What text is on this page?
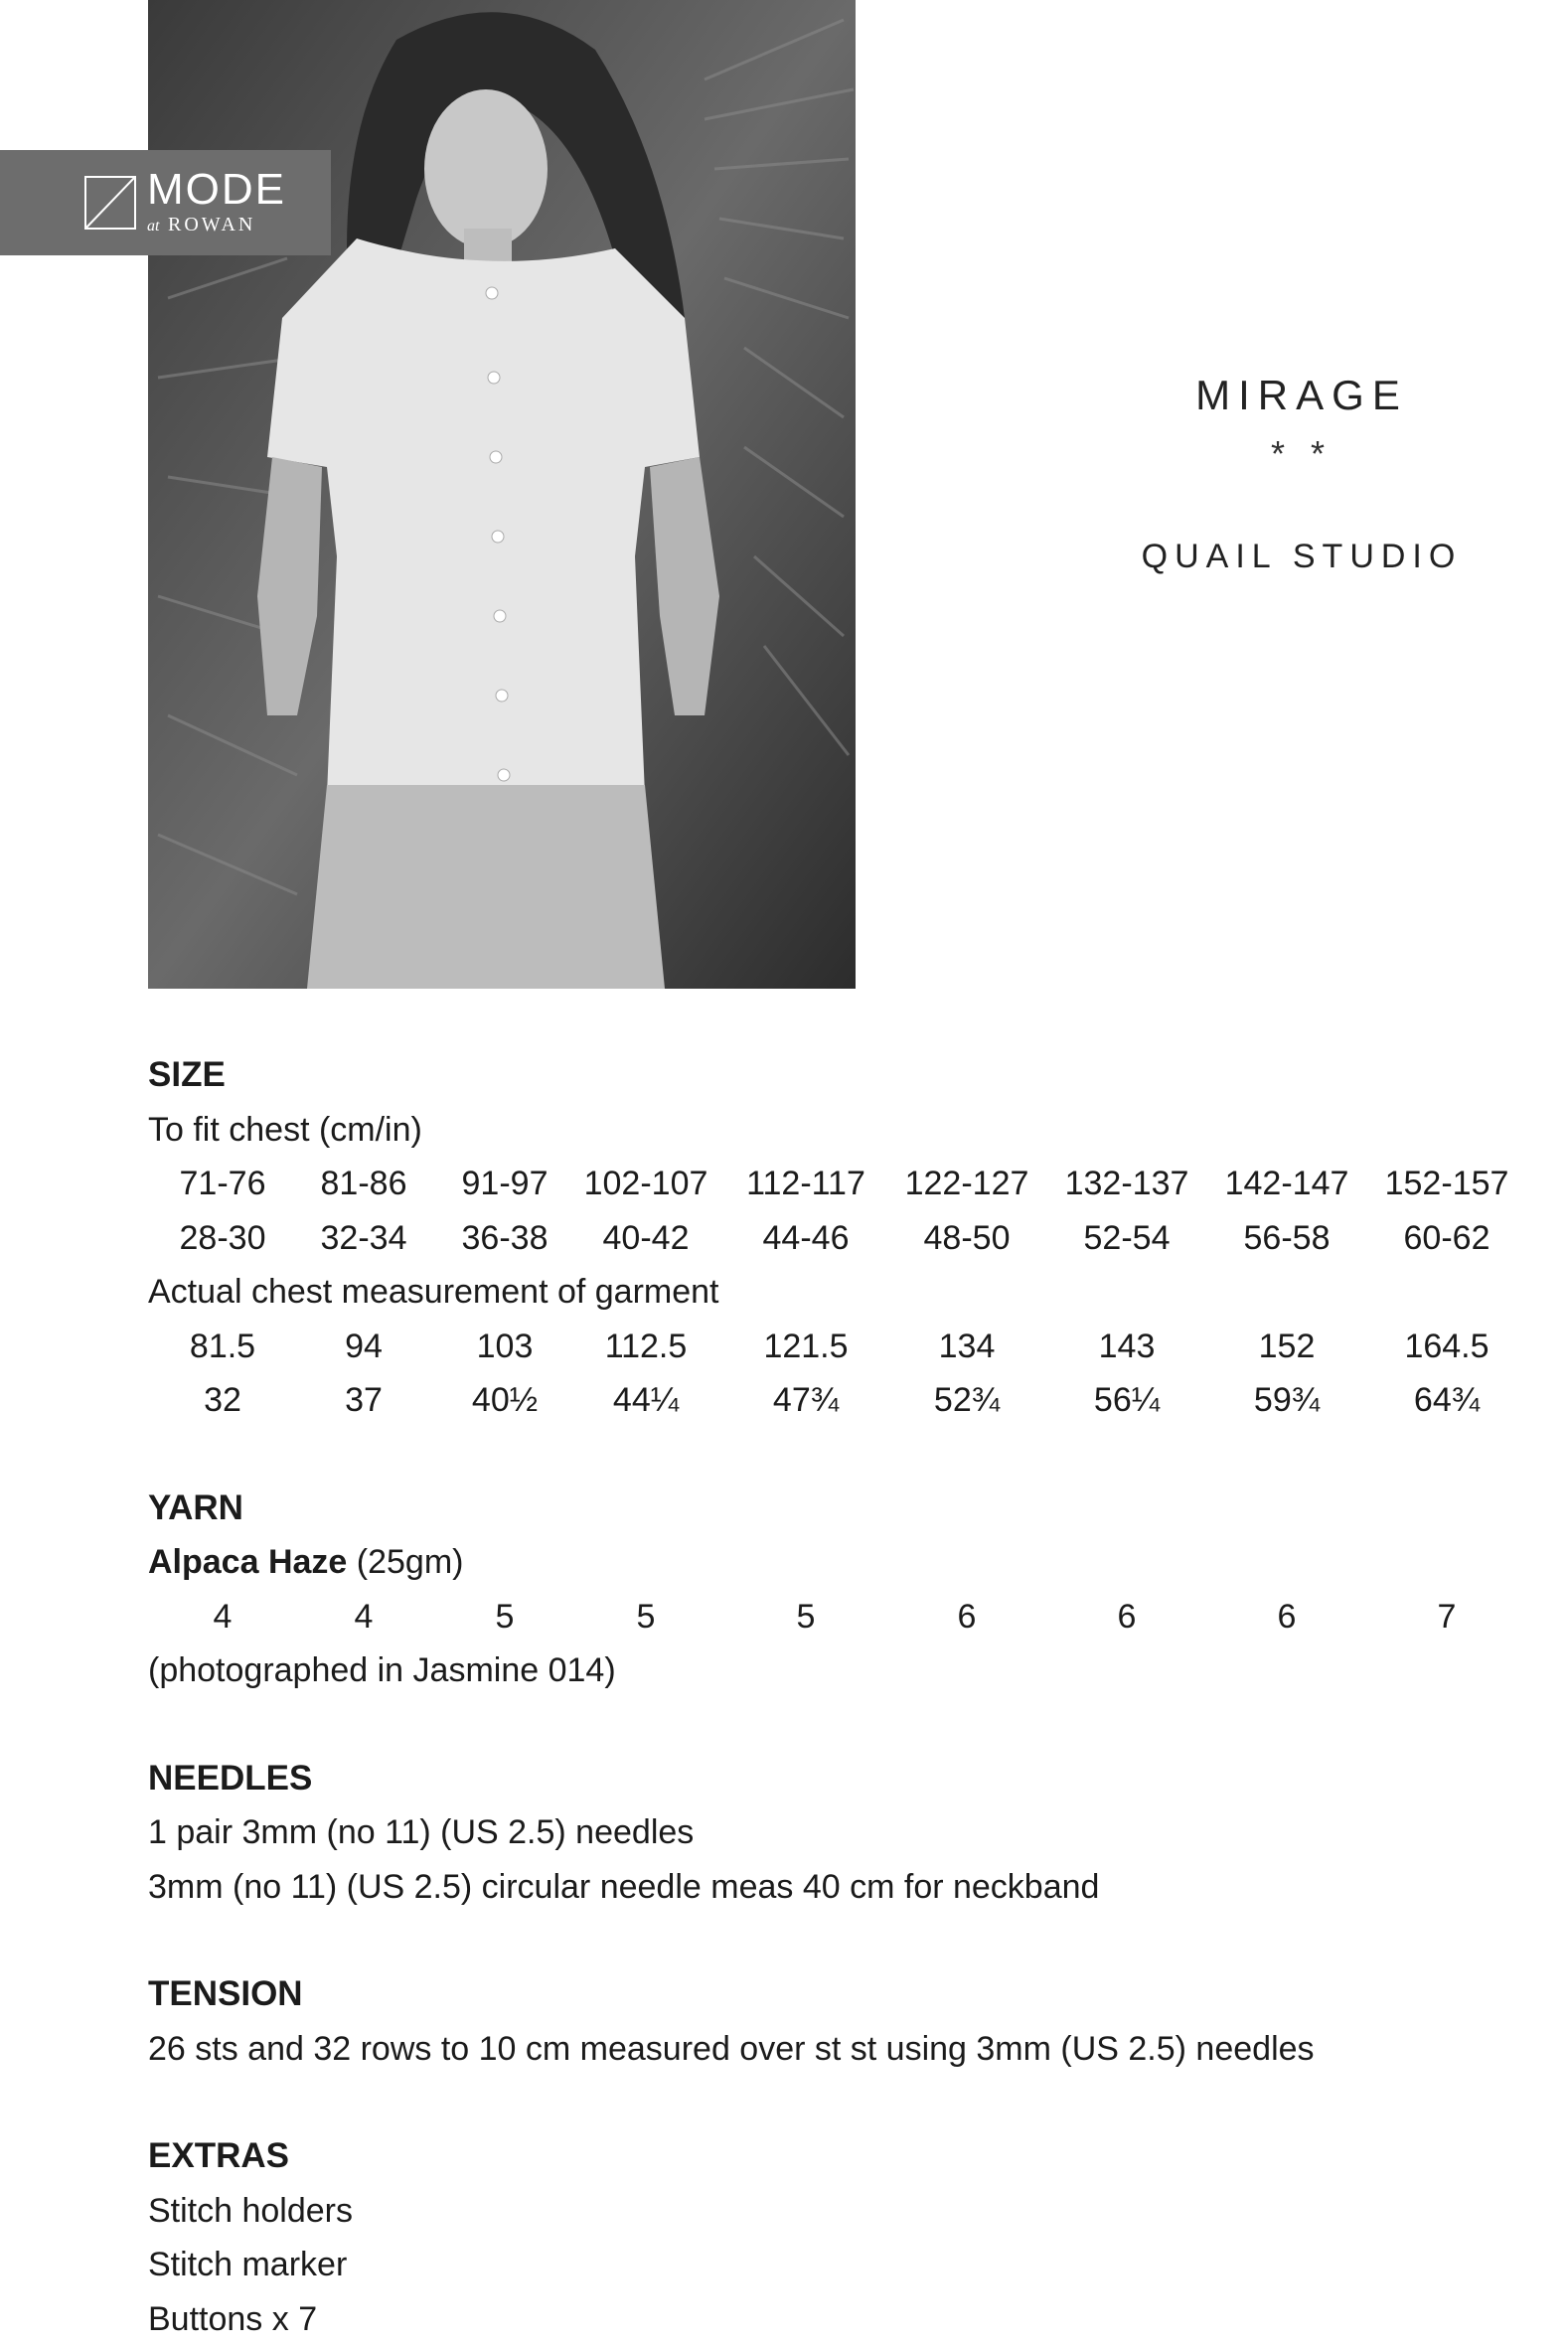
MODE
at ROWAN
MIRAGE
* *
QUAIL STUDIO
SIZE
To fit chest (cm/in)
71-76	81-86	91-97	102-107	112-117	122-127	132-137	142-147	152-157
28-30	32-34	36-38	40-42	44-46	48-50	52-54	56-58	60-62
Actual chest measurement of garment
81.5	94	103	112.5	121.5	134	143	152	164.5
32	37	40½	44¼	47¾	52¾	56¼	59¾	64¾
YARN
Alpaca Haze (25gm)
4	4	5	5	5	6	6	6	7
(photographed in Jasmine 014)
NEEDLES
1 pair 3mm (no 11) (US 2.5) needles
3mm (no 11) (US 2.5) circular needle meas 40 cm for neckband
TENSION
26 sts and 32 rows to 10 cm measured over st st using 3mm (US 2.5) needles
EXTRAS
Stitch holders
Stitch marker
Buttons x 7
